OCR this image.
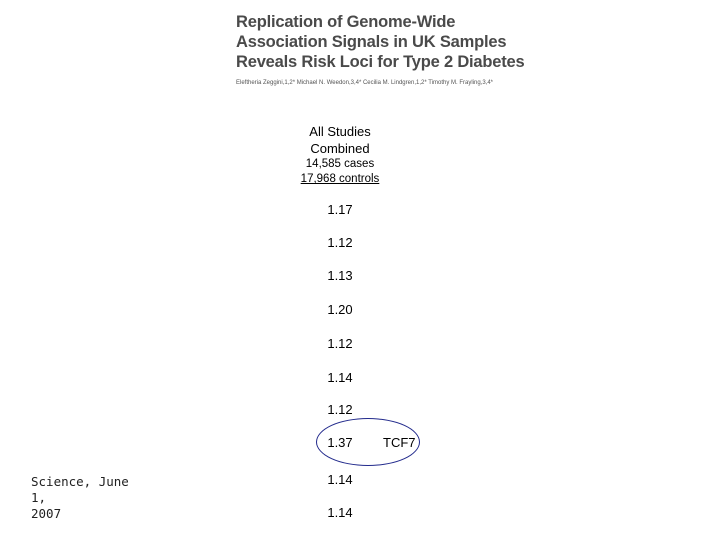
Replication of Genome-Wide
Association Signals in UK Samples
Reveals Risk Loci for Type 2 Diabetes
Eleftheria Zeggini,1,2* Michael N. Weedon,3,4* Cecilia M. Lindgren,1,2* Timothy M. Frayling,3,4*
All Studies
Combined
14,585 cases
17,968 controls
1.17
1.12
1.13
1.20
1.12
1.14
1.12
1.37
1.14
1.14
TCF7
Science, June 1,
2007
